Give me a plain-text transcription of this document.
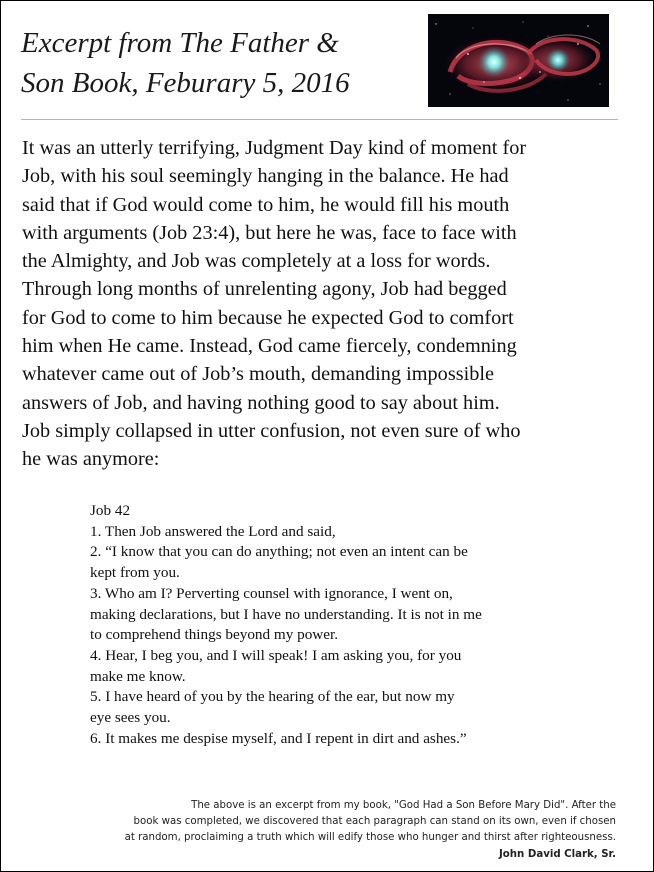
Excerpt from The Father &
Son Book, Feburary 5, 2016
It was an utterly terrifying, Judgment Day kind of moment for
Job, with his soul seemingly hanging in the balance. He had
said that if God would come to him, he would fill his mouth
with arguments (Job 23:4), but here he was, face to face with
the Almighty, and Job was completely at a loss for words.
Through long months of unrelenting agony, Job had begged
for God to come to him because he expected God to comfort
him when He came. Instead, God came fiercely, condemning
whatever came out of Job’s mouth, demanding impossible
answers of Job, and having nothing good to say about him.
Job simply collapsed in utter confusion, not even sure of who
he was anymore:
Job 42
1. Then Job answered the Lord and said,
2. “I know that you can do anything; not even an intent can be
kept from you.
3. Who am I? Perverting counsel with ignorance, I went on,
making declarations, but I have no understanding. It is not in me
to comprehend things beyond my power.
4. Hear, I beg you, and I will speak! I am asking you, for you
make me know.
5. I have heard of you by the hearing of the ear, but now my
eye sees you.
6. It makes me despise myself, and I repent in dirt and ashes.”
The above is an excerpt from my book, "God Had a Son Before Mary Did". After the
book was completed, we discovered that each paragraph can stand on its own, even if chosen
at random, proclaiming a truth which will edify those who hunger and thirst after righteousness.
John David Clark, Sr.
